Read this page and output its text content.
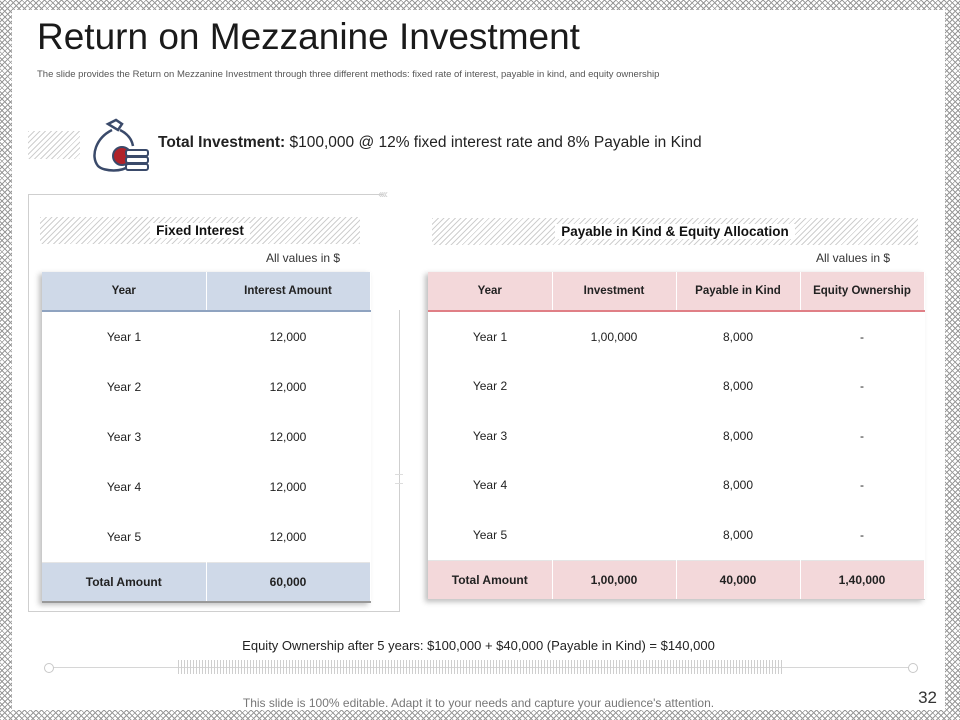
Return on Mezzanine Investment
The slide provides the Return on Mezzanine Investment through three different methods: fixed rate of interest, payable in kind, and equity ownership
Total Investment: $100,000 @ 12% fixed interest rate and 8% Payable in Kind
‹‹‹‹
Fixed Interest
All values in $
Year	Interest Amount
Year 1	12,000
Year 2	12,000
Year 3	12,000
Year 4	12,000
Year 5	12,000
Total Amount	60,000
Payable in Kind & Equity Allocation
All values in $
Year	Investment	Payable in Kind	Equity Ownership
Year 1	1,00,000	8,000	-
Year 2		8,000	-
Year 3		8,000	-
Year 4		8,000	-
Year 5		8,000	-
Total Amount	1,00,000	40,000	1,40,000
Equity Ownership after 5 years: $100,000 + $40,000 (Payable in Kind) = $140,000
This slide is 100% editable. Adapt it to your needs and capture your audience's attention.	32
